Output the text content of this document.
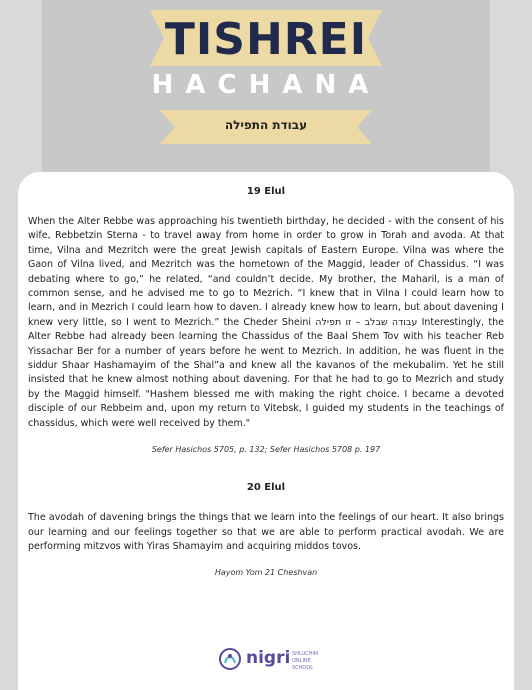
TISHREI
HACHANA
עבודת התפילה
19 Elul

When the Alter Rebbe was approaching his twentieth birthday, he decided - with the consent of his wife, Rebbetzin Sterna - to travel away from home in order to grow in Torah and avoda. At that time, Vilna and Mezritch were the great Jewish capitals of Eastern Europe. Vilna was where the Gaon of Vilna lived, and Mezritch was the hometown of the Maggid, leader of Chassidus. “I was debating where to go,” he related, “and couldn’t decide. My brother, the Maharil, is a man of common sense, and he advised me to go to Mezrich. “I knew that in Vilna I could learn how to learn, and in Mezrich I could learn how to daven. I already knew how to learn, but about davening I knew very little, so I went to Mezrich.” the Cheder Sheini עבודה שבלב – זו תפילה Interestingly, the Alter Rebbe had already been learning the Chassidus of the Baal Shem Tov with his teacher Reb Yissachar Ber for a number of years before he went to Mezrich. In addition, he was fluent in the siddur Shaar Hashamayim of the Shal”a and knew all the kavanos of the mekubalim. Yet he still insisted that he knew almost nothing about davening. For that he had to go to Mezrich and study by the Maggid himself. "Hashem blessed me with making the right choice. I became a devoted disciple of our Rebbeim and, upon my return to Vitebsk, I guided my students in the teachings of chassidus, which were well received by them."

Sefer Hasichos 5705, p. 132; Sefer Hasichos 5708 p. 197
20 Elul

The avodah of davening brings the things that we learn into the feelings of our heart. It also brings our learning and our feelings together so that we are able to perform practical avodah. We are performing mitzvos with Yiras Shamayim and acquiring middos tovos.

Hayom Yom 21 Cheshvan
nigri SHLUCHIM ONLINE SCHOOL
